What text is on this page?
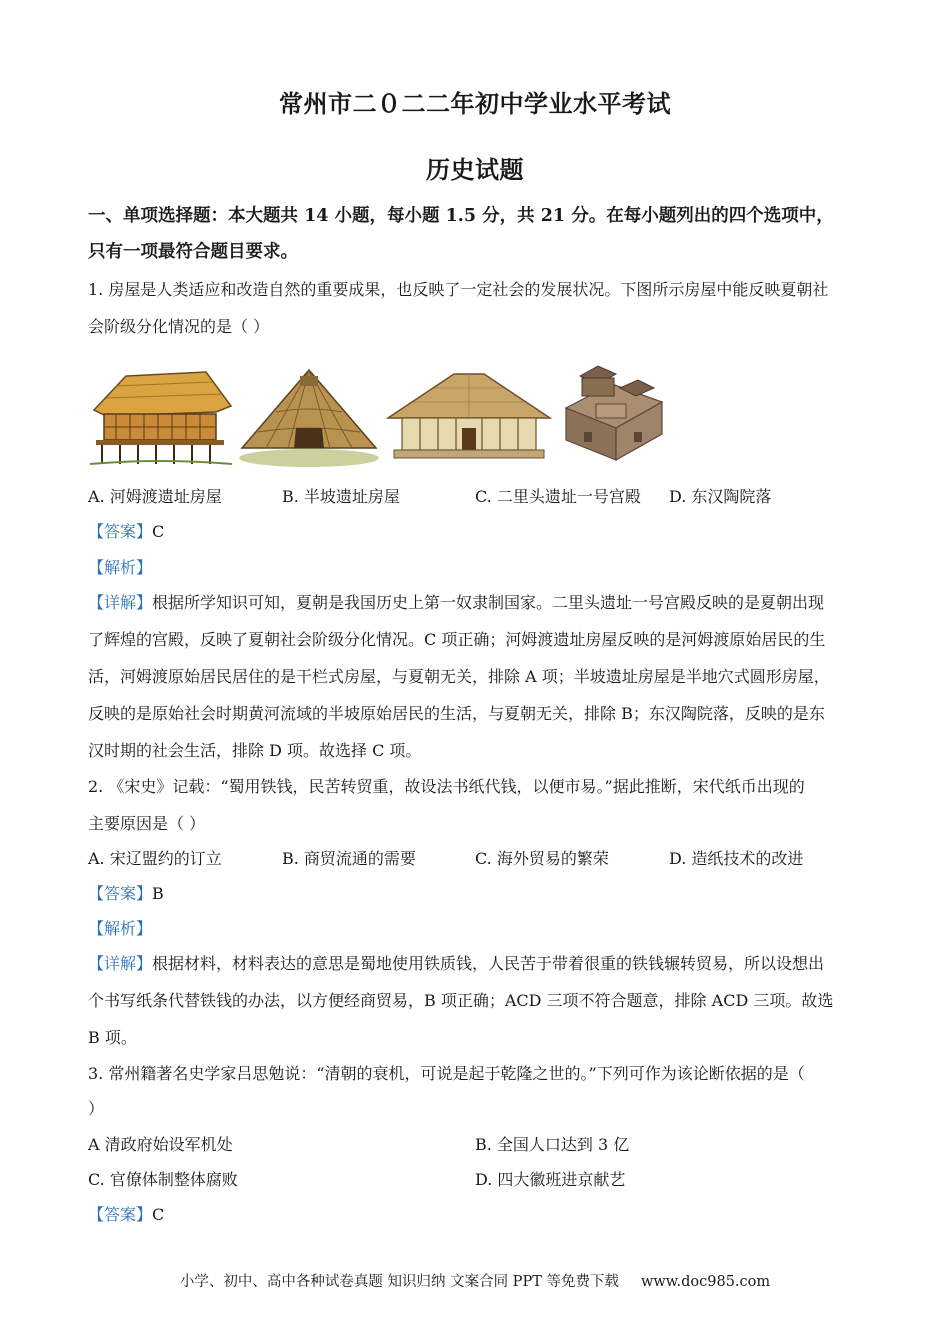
常州市二０二二年初中学业水平考试
历史试题
一、单项选择题：本大题共 14 小题，每小题 1.5 分，共 21 分。在每小题列出的四个选项中，
只有一项最符合题目要求。
1. 房屋是人类适应和改造自然的重要成果，也反映了一定社会的发展状况。下图所示房屋中能反映夏朝社
会阶级分化情况的是（ ）
A. 河姆渡遗址房屋	B. 半坡遗址房屋	C. 二里头遗址一号宫殿 D. 东汉陶院落
【答案】C
【解析】
【详解】根据所学知识可知，夏朝是我国历史上第一奴隶制国家。二里头遗址一号宫殿反映的是夏朝出现
了辉煌的宫殿，反映了夏朝社会阶级分化情况。C 项正确；河姆渡遗址房屋反映的是河姆渡原始居民的生
活，河姆渡原始居民居住的是干栏式房屋，与夏朝无关，排除 A 项；半坡遗址房屋是半地穴式圆形房屋，
反映的是原始社会时期黄河流域的半坡原始居民的生活，与夏朝无关，排除 B；东汉陶院落，反映的是东
汉时期的社会生活，排除 D 项。故选择 C 项。
2. 《宋史》记载：“蜀用铁钱，民苦转贸重，故设法书纸代钱，以便市易。”据此推断，宋代纸币出现的
主要原因是（ ）
A. 宋辽盟约的订立	B. 商贸流通的需要	C. 海外贸易的繁荣	D. 造纸技术的改进
【答案】B
【解析】
【详解】根据材料，材料表达的意思是蜀地使用铁质钱，人民苦于带着很重的铁钱辗转贸易，所以设想出
个书写纸条代替铁钱的办法，以方便经商贸易，B 项正确；ACD 三项不符合题意，排除 ACD 三项。故选
B 项。
3. 常州籍著名史学家吕思勉说：“清朝的衰机，可说是起于乾隆之世的。”下列可作为该论断依据的是（
）
A 清政府始设军机处	B. 全国人口达到 3 亿
C. 官僚体制整体腐败	D. 四大徽班进京献艺
【答案】C
小学、初中、高中各种试卷真题 知识归纳 文案合同 PPT 等免费下载 www.doc985.com
